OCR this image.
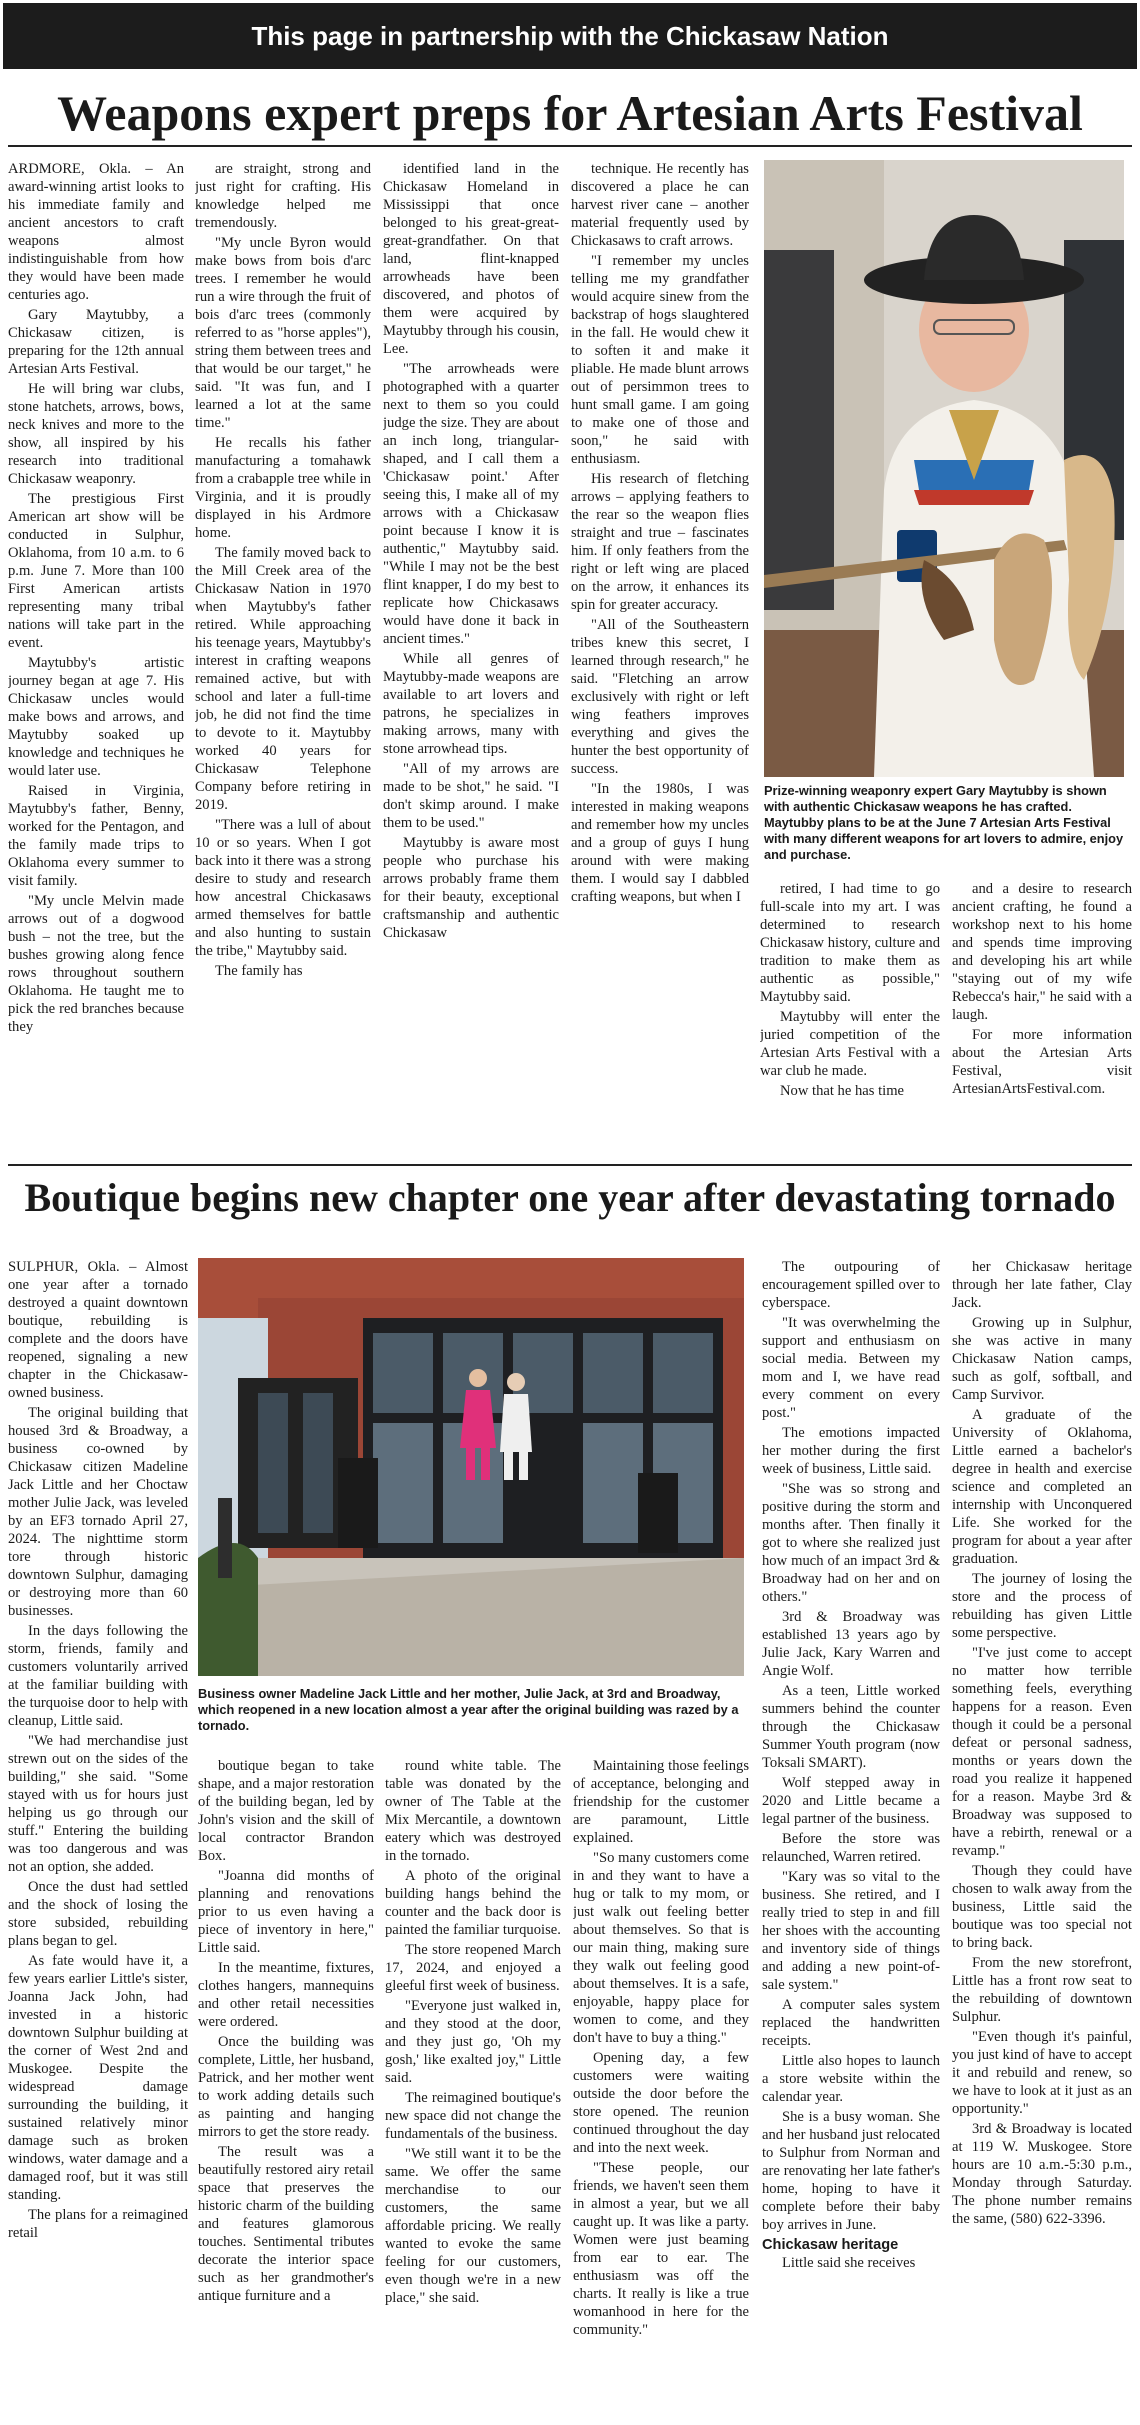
This page in partnership with the Chickasaw Nation
Weapons expert preps for Artesian Arts Festival

ARDMORE, Okla. – An award-winning artist looks to his immediate family and ancient ancestors to craft weapons almost indistinguishable from how they would have been made centuries ago.

Gary Maytubby, a Chickasaw citizen, is preparing for the 12th annual Artesian Arts Festival.

He will bring war clubs, stone hatchets, arrows, bows, neck knives and more to the show, all inspired by his research into traditional Chickasaw weaponry.

The prestigious First American art show will be conducted in Sulphur, Oklahoma, from 10 a.m. to 6 p.m. June 7. More than 100 First American artists representing many tribal nations will take part in the event.

Maytubby's artistic journey began at age 7. His Chickasaw uncles would make bows and arrows, and Maytubby soaked up knowledge and techniques he would later use.

Raised in Virginia, Maytubby's father, Benny, worked for the Pentagon, and the family made trips to Oklahoma every summer to visit family.

"My uncle Melvin made arrows out of a dogwood bush – not the tree, but the bushes growing along fence rows throughout southern Oklahoma. He taught me to pick the red branches because they

are straight, strong and just right for crafting. His knowledge helped me tremendously.

"My uncle Byron would make bows from bois d'arc trees. I remember he would run a wire through the fruit of bois d'arc trees (commonly referred to as "horse apples"), string them between trees and that would be our target," he said. "It was fun, and I learned a lot at the same time."

He recalls his father manufacturing a tomahawk from a crabapple tree while in Virginia, and it is proudly displayed in his Ardmore home.

The family moved back to the Mill Creek area of the Chickasaw Nation in 1970 when Maytubby's father retired. While approaching his teenage years, Maytubby's interest in crafting weapons remained active, but with school and later a full-time job, he did not find the time to devote to it. Maytubby worked 40 years for Chickasaw Telephone Company before retiring in 2019.

"There was a lull of about 10 or so years. When I got back into it there was a strong desire to study and research how ancestral Chickasaws armed themselves for battle and also hunting to sustain the tribe," Maytubby said.

The family has

identified land in the Chickasaw Homeland in Mississippi that once belonged to his great-great-great-grandfather. On that land, flint-knapped arrowheads have been discovered, and photos of them were acquired by Maytubby through his cousin, Lee.

"The arrowheads were photographed with a quarter next to them so you could judge the size. They are about an inch long, triangular-shaped, and I call them a 'Chickasaw point.' After seeing this, I make all of my arrows with a Chickasaw point because I know it is authentic," Maytubby said. "While I may not be the best flint knapper, I do my best to replicate how Chickasaws would have done it back in ancient times."

While all genres of Maytubby-made weapons are available to art lovers and patrons, he specializes in making arrows, many with stone arrowhead tips.

"All of my arrows are made to be shot," he said. "I don't skimp around. I make them to be used."

Maytubby is aware most people who purchase his arrows probably frame them for their beauty, exceptional craftsmanship and authentic Chickasaw

technique. He recently has discovered a place he can harvest river cane – another material frequently used by Chickasaws to craft arrows.

"I remember my uncles telling me my grandfather would acquire sinew from the backstrap of hogs slaughtered in the fall. He would chew it to soften it and make it pliable. He made blunt arrows out of persimmon trees to hunt small game. I am going to make one of those and soon," he said with enthusiasm.

His research of fletching arrows – applying feathers to the rear so the weapon flies straight and true – fascinates him. If only feathers from the right or left wing are placed on the arrow, it enhances its spin for greater accuracy.

"All of the Southeastern tribes knew this secret, I learned through research," he said. "Fletching an arrow exclusively with right or left wing feathers improves everything and gives the hunter the best opportunity of success.

"In the 1980s, I was interested in making weapons and remember how my uncles and a group of guys I hung around with were making them. I would say I dabbled crafting weapons, but when I	retired, I had time to go full-scale into my art. I was determined to research Chickasaw history, culture and tradition to make them as authentic as possible," Maytubby said.

Maytubby will enter the juried competition of the Artesian Arts Festival with a war club he made.

Now that he has time

and a desire to research ancient crafting, he found a workshop next to his home and spends time improving and developing his art while "staying out of my wife Rebecca's hair," he said with a laugh.

For more information about the Artesian Arts Festival, visit ArtesianArtsFestival.com.

Prize-winning weaponry expert Gary Maytubby is shown with authentic Chickasaw weapons he has crafted. Maytubby plans to be at the June 7 Artesian Arts Festival with many different weapons for art lovers to admire, enjoy and purchase.

Boutique begins new chapter one year after devastating tornado

Business owner Madeline Jack Little and her mother, Julie Jack, at 3rd and Broadway, which reopened in a new location almost a year after the original building was razed by a tornado.

SULPHUR, Okla. – Almost one year after a tornado destroyed a quaint downtown boutique, rebuilding is complete and the doors have reopened, signaling a new chapter in the Chickasaw-owned business.

The original building that housed 3rd & Broadway, a business co-owned by Chickasaw citizen Madeline Jack Little and her Choctaw mother Julie Jack, was leveled by an EF3 tornado April 27, 2024. The nighttime storm tore through historic downtown Sulphur, damaging or destroying more than 60 businesses.

In the days following the storm, friends, family and customers voluntarily arrived at the familiar building with the turquoise door to help with cleanup, Little said.

"We had merchandise just strewn out on the sides of the building," she said. "Some stayed with us for hours just helping us go through our stuff." Entering the building was too dangerous and was not an option, she added.

Once the dust had settled and the shock of losing the store subsided, rebuilding plans began to gel.

As fate would have it, a few years earlier Little's sister, Joanna Jack John, had invested in a historic downtown Sulphur building at the corner of West 2nd and Muskogee. Despite the widespread damage surrounding the building, it sustained relatively minor damage such as broken windows, water damage and a damaged roof, but it was still standing.

The plans for a reimagined retail

boutique began to take shape, and a major restoration of the building began, led by John's vision and the skill of local contractor Brandon Box.

"Joanna did months of planning and renovations prior to us even having a piece of inventory in here," Little said.

In the meantime, fixtures, clothes hangers, mannequins and other retail necessities were ordered.

Once the building was complete, Little, her husband, Patrick, and her mother went to work adding details such as painting and hanging mirrors to get the store ready.

The result was a beautifully restored airy retail space that preserves the historic charm of the building and features glamorous touches. Sentimental tributes decorate the interior space such as her grandmother's antique furniture and a

round white table. The table was donated by the owner of The Table at the Mix Mercantile, a downtown eatery which was destroyed in the tornado.

A photo of the original building hangs behind the counter and the back door is painted the familiar turquoise.

The store reopened March 17, 2024, and enjoyed a gleeful first week of business.

"Everyone just walked in, and they stood at the door, and they just go, 'Oh my gosh,' like exalted joy," Little said.

The reimagined boutique's new space did not change the fundamentals of the business.

"We still want it to be the same. We offer the same merchandise to our customers, the same affordable pricing. We really wanted to evoke the same feeling for our customers, even though we're in a new place," she said.

Maintaining those feelings of acceptance, belonging and friendship for the customer are paramount, Little explained.

"So many customers come in and they want to have a hug or talk to my mom, or just walk out feeling better about themselves. So that is our main thing, making sure they walk out feeling good about themselves. It is a safe, enjoyable, happy place for women to come, and they don't have to buy a thing."

Opening day, a few customers were waiting outside the door before the store opened. The reunion continued throughout the day and into the next week.

"These people, our friends, we haven't seen them in almost a year, but we all caught up. It was like a party. Women were just beaming from ear to ear. The enthusiasm was off the charts. It really is like a true womanhood in here for the community."

The outpouring of encouragement spilled over to cyberspace.

"It was overwhelming the support and enthusiasm on social media. Between my mom and I, we have read every comment on every post."

The emotions impacted her mother during the first week of business, Little said.

"She was so strong and positive during the storm and months after. Then finally it got to where she realized just how much of an impact 3rd & Broadway had on her and on others."

3rd & Broadway was established 13 years ago by Julie Jack, Kary Warren and Angie Wolf.

As a teen, Little worked summers behind the counter through the Chickasaw Summer Youth program (now Toksali SMART).

Wolf stepped away in 2020 and Little became a legal partner of the business.

Before the store was relaunched, Warren retired.

"Kary was so vital to the business. She retired, and I really tried to step in and fill her shoes with the accounting and inventory side of things and adding a new point-of-sale system."

A computer sales system replaced the handwritten receipts.

Little also hopes to launch a store website within the calendar year.

She is a busy woman. She and her husband just relocated to Sulphur from Norman and are renovating her late father's home, hoping to have it complete before their baby boy arrives in June.

Chickasaw heritage

Little said she receives

her Chickasaw heritage through her late father, Clay Jack.

Growing up in Sulphur, she was active in many Chickasaw Nation camps, such as golf, softball, and Camp Survivor.

A graduate of the University of Oklahoma, Little earned a bachelor's degree in health and exercise science and completed an internship with Unconquered Life. She worked for the program for about a year after graduation.

The journey of losing the store and the process of rebuilding has given Little some perspective.

"I've just come to accept no matter how terrible something feels, everything happens for a reason. Even though it could be a personal defeat or personal sadness, months or years down the road you realize it happened for a reason. Maybe 3rd & Broadway was supposed to have a rebirth, renewal or a revamp."

Though they could have chosen to walk away from the business, Little said the boutique was too special not to bring back.

From the new storefront, Little has a front row seat to the rebuilding of downtown Sulphur.

"Even though it's painful, you just kind of have to accept it and rebuild and renew, so we have to look at it just as an opportunity."

3rd & Broadway is located at 119 W. Muskogee. Store hours are 10 a.m.-5:30 p.m., Monday through Saturday. The phone number remains the same, (580) 622-3396.
